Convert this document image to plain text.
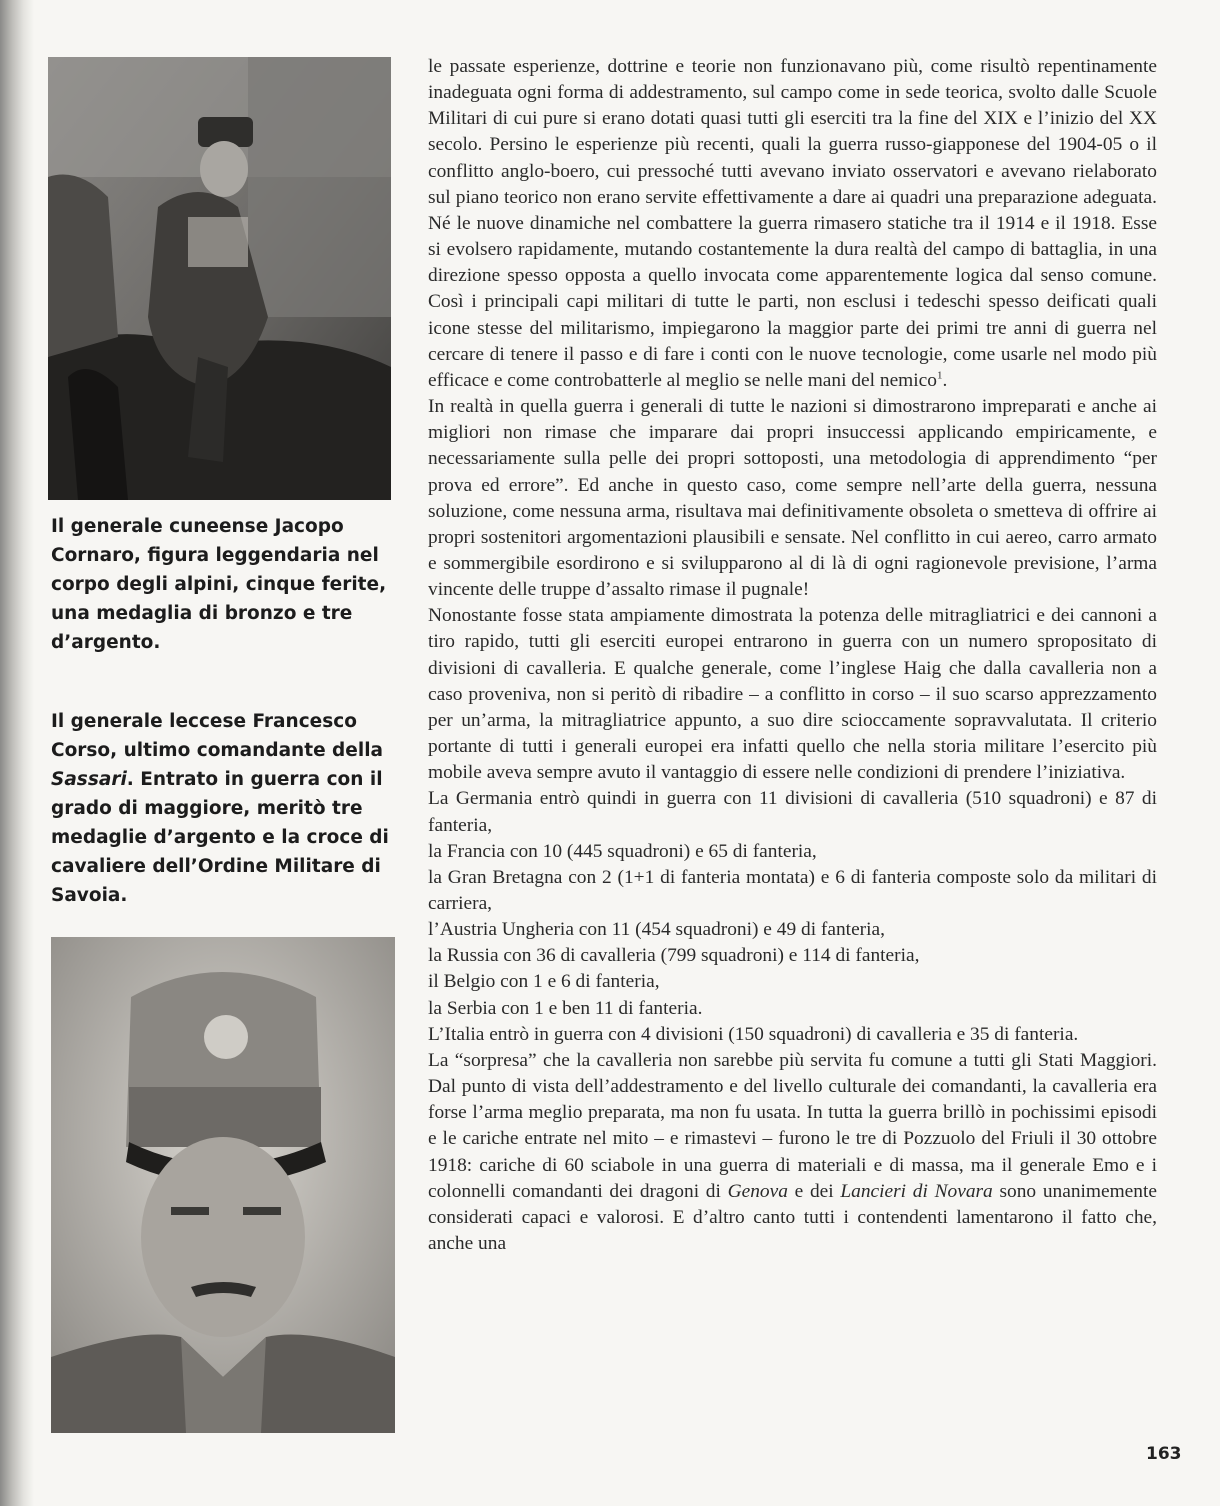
Il generale cuneense Jacopo Cornaro, figura leggendaria nel corpo degli alpini, cinque ferite, una medaglia di bronzo e tre d’argento.

Il generale leccese Francesco Corso, ultimo comandante della Sassari. Entrato in guerra con il grado di maggiore, meritò tre medaglie d’argento e la croce di cavaliere dell’Ordine Militare di Savoia.

le passate esperienze, dottrine e teorie non funzionavano più, come risultò repentinamente inadeguata ogni forma di addestramento, sul campo come in sede teorica, svolto dalle Scuole Militari di cui pure si erano dotati quasi tutti gli eserciti tra la fine del XIX e l’inizio del XX secolo. Persino le esperienze più recenti, quali la guerra russo-giapponese del 1904-05 o il conflitto anglo-boero, cui pressoché tutti avevano inviato osservatori e avevano rielaborato sul piano teorico non erano servite effettivamente a dare ai quadri una preparazione adeguata. Né le nuove dinamiche nel combattere la guerra rimasero statiche tra il 1914 e il 1918. Esse si evolsero rapidamente, mutando costantemente la dura realtà del campo di battaglia, in una direzione spesso opposta a quello invocata come apparentemente logica dal senso comune. Così i principali capi militari di tutte le parti, non esclusi i tedeschi spesso deificati quali icone stesse del militarismo, impiegarono la maggior parte dei primi tre anni di guerra nel cercare di tenere il passo e di fare i conti con le nuove tecnologie, come usarle nel modo più efficace e come controbatterle al meglio se nelle mani del nemico$^1$.

In realtà in quella guerra i generali di tutte le nazioni si dimostrarono impreparati e anche ai migliori non rimase che imparare dai propri insuccessi applicando empiricamente, e necessariamente sulla pelle dei propri sottoposti, una metodologia di apprendimento “per prova ed errore”. Ed anche in questo caso, come sempre nell’arte della guerra, nessuna soluzione, come nessuna arma, risultava mai definitivamente obsoleta o smetteva di offrire ai propri sostenitori argomentazioni plausibili e sensate. Nel conflitto in cui aereo, carro armato e sommergibile esordirono e si svilupparono al di là di ogni ragionevole previsione, l’arma vincente delle truppe d’assalto rimase il pugnale!

Nonostante fosse stata ampiamente dimostrata la potenza delle mitragliatrici e dei cannoni a tiro rapido, tutti gli eserciti europei entrarono in guerra con un numero spropositato di divisioni di cavalleria. E qualche generale, come l’inglese Haig che dalla cavalleria non a caso proveniva, non si peritò di ribadire – a conflitto in corso – il suo scarso apprezzamento per un’arma, la mitragliatrice appunto, a suo dire scioccamente sopravvalutata. Il criterio portante di tutti i generali europei era infatti quello che nella storia militare l’esercito più mobile aveva sempre avuto il vantaggio di essere nelle condizioni di prendere l’iniziativa.

La Germania entrò quindi in guerra con 11 divisioni di cavalleria (510 squadroni) e 87 di fanteria,

la Francia con 10 (445 squadroni) e 65 di fanteria,

la Gran Bretagna con 2 (1+1 di fanteria montata) e 6 di fanteria composte solo da militari di carriera,

l’Austria Ungheria con 11 (454 squadroni) e 49 di fanteria,

la Russia con 36 di cavalleria (799 squadroni) e 114 di fanteria,

il Belgio con 1 e 6 di fanteria,

la Serbia con 1 e ben 11 di fanteria.

L’Italia entrò in guerra con 4 divisioni (150 squadroni) di cavalleria e 35 di fanteria.

La “sorpresa” che la cavalleria non sarebbe più servita fu comune a tutti gli Stati Maggiori. Dal punto di vista dell’addestramento e del livello culturale dei comandanti, la cavalleria era forse l’arma meglio preparata, ma non fu usata. In tutta la guerra brillò in pochissimi episodi e le cariche entrate nel mito – e rimastevi – furono le tre di Pozzuolo del Friuli il 30 ottobre 1918: cariche di 60 sciabole in una guerra di materiali e di massa, ma il generale Emo e i colonnelli comandanti dei dragoni di Genova e dei Lancieri di Novara sono unanimemente considerati capaci e valorosi. E d’altro canto tutti i contendenti lamentarono il fatto che, anche una

163
